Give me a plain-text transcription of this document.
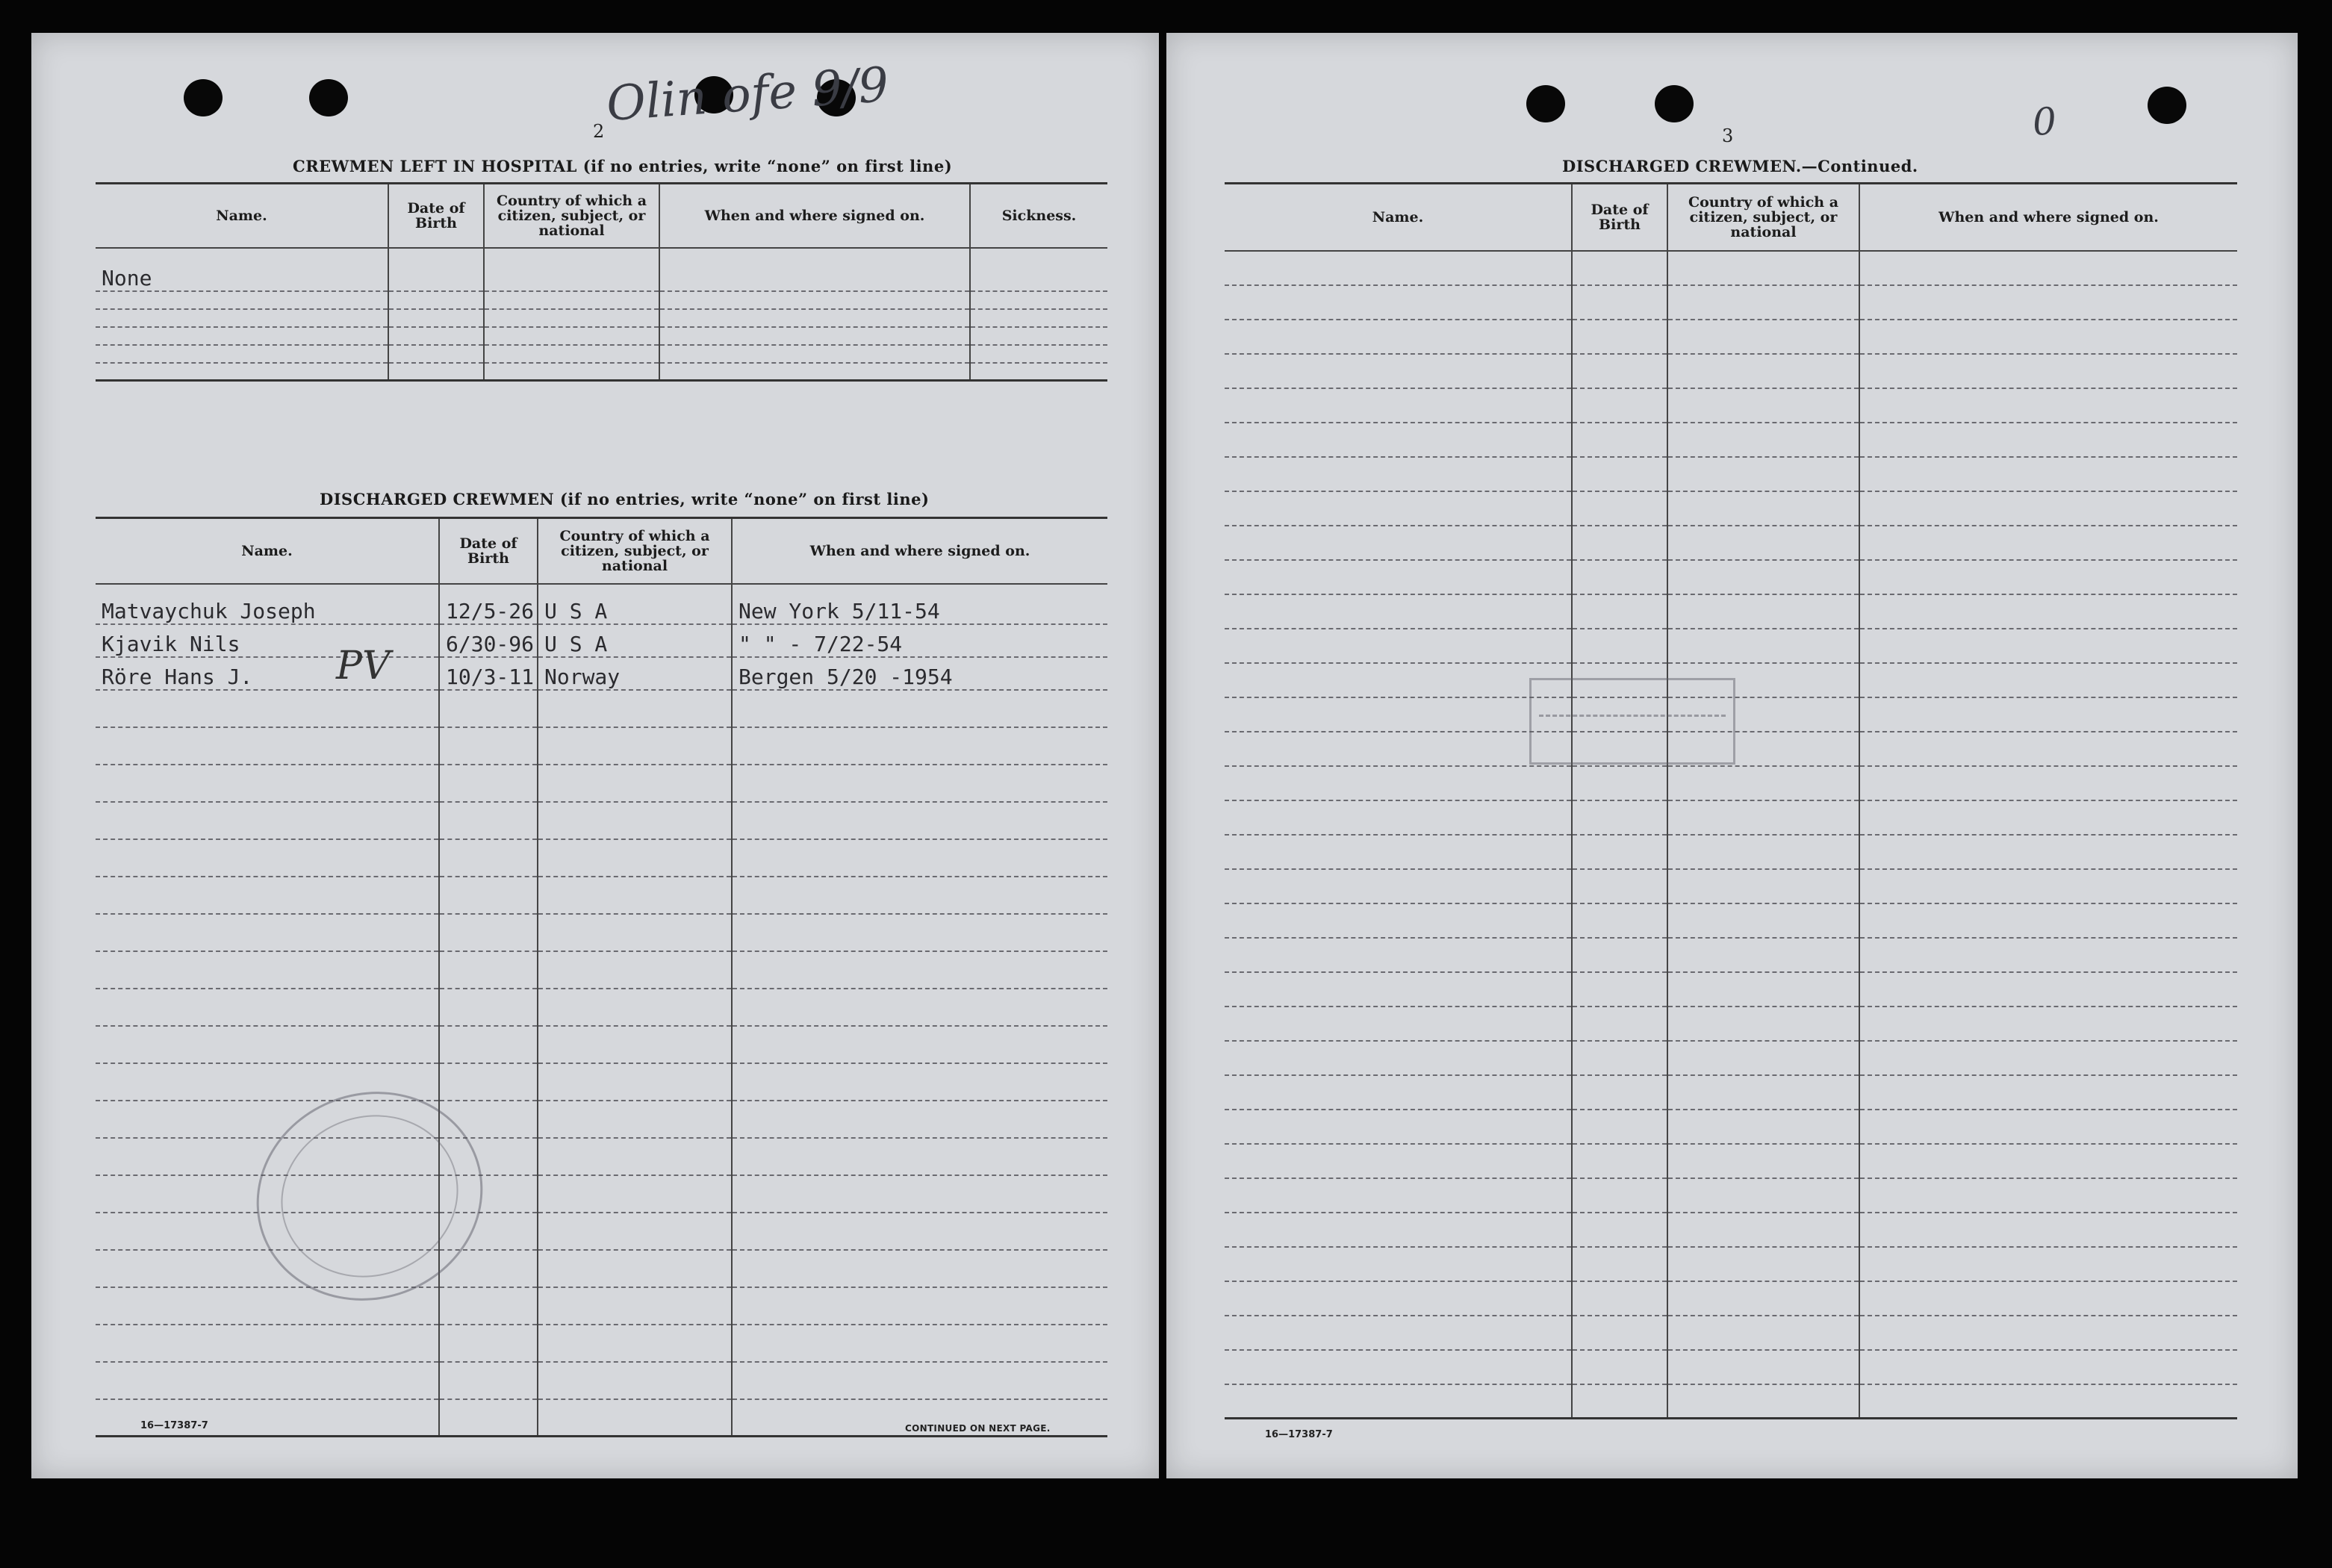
2 Olin ofe 9/9
CREWMEN LEFT IN HOSPITAL (if no entries, write “none” on first line)
Name.	Date of Birth	Country of which a citizen, subject, or national	When and where signed on.	Sickness.
None				

DISCHARGED CREWMEN (if no entries, write “none” on first line)
Name.	Date of Birth	Country of which a citizen, subject, or national	When and where signed on.
Matvaychuk Joseph	12/5-26	U S A	New York 5/11-54
Kjavik Nils	6/30-96	U S A	" " - 7/22-54
Röre Hans J.	10/3-11	Norway	Bergen 5/20 -1954

PV
16—17387-7	CONTINUED ON NEXT PAGE.
3	0
DISCHARGED CREWMEN.—Continued.
Name.	Date of Birth	Country of which a citizen, subject, or national	When and where signed on.

16—17387-7
